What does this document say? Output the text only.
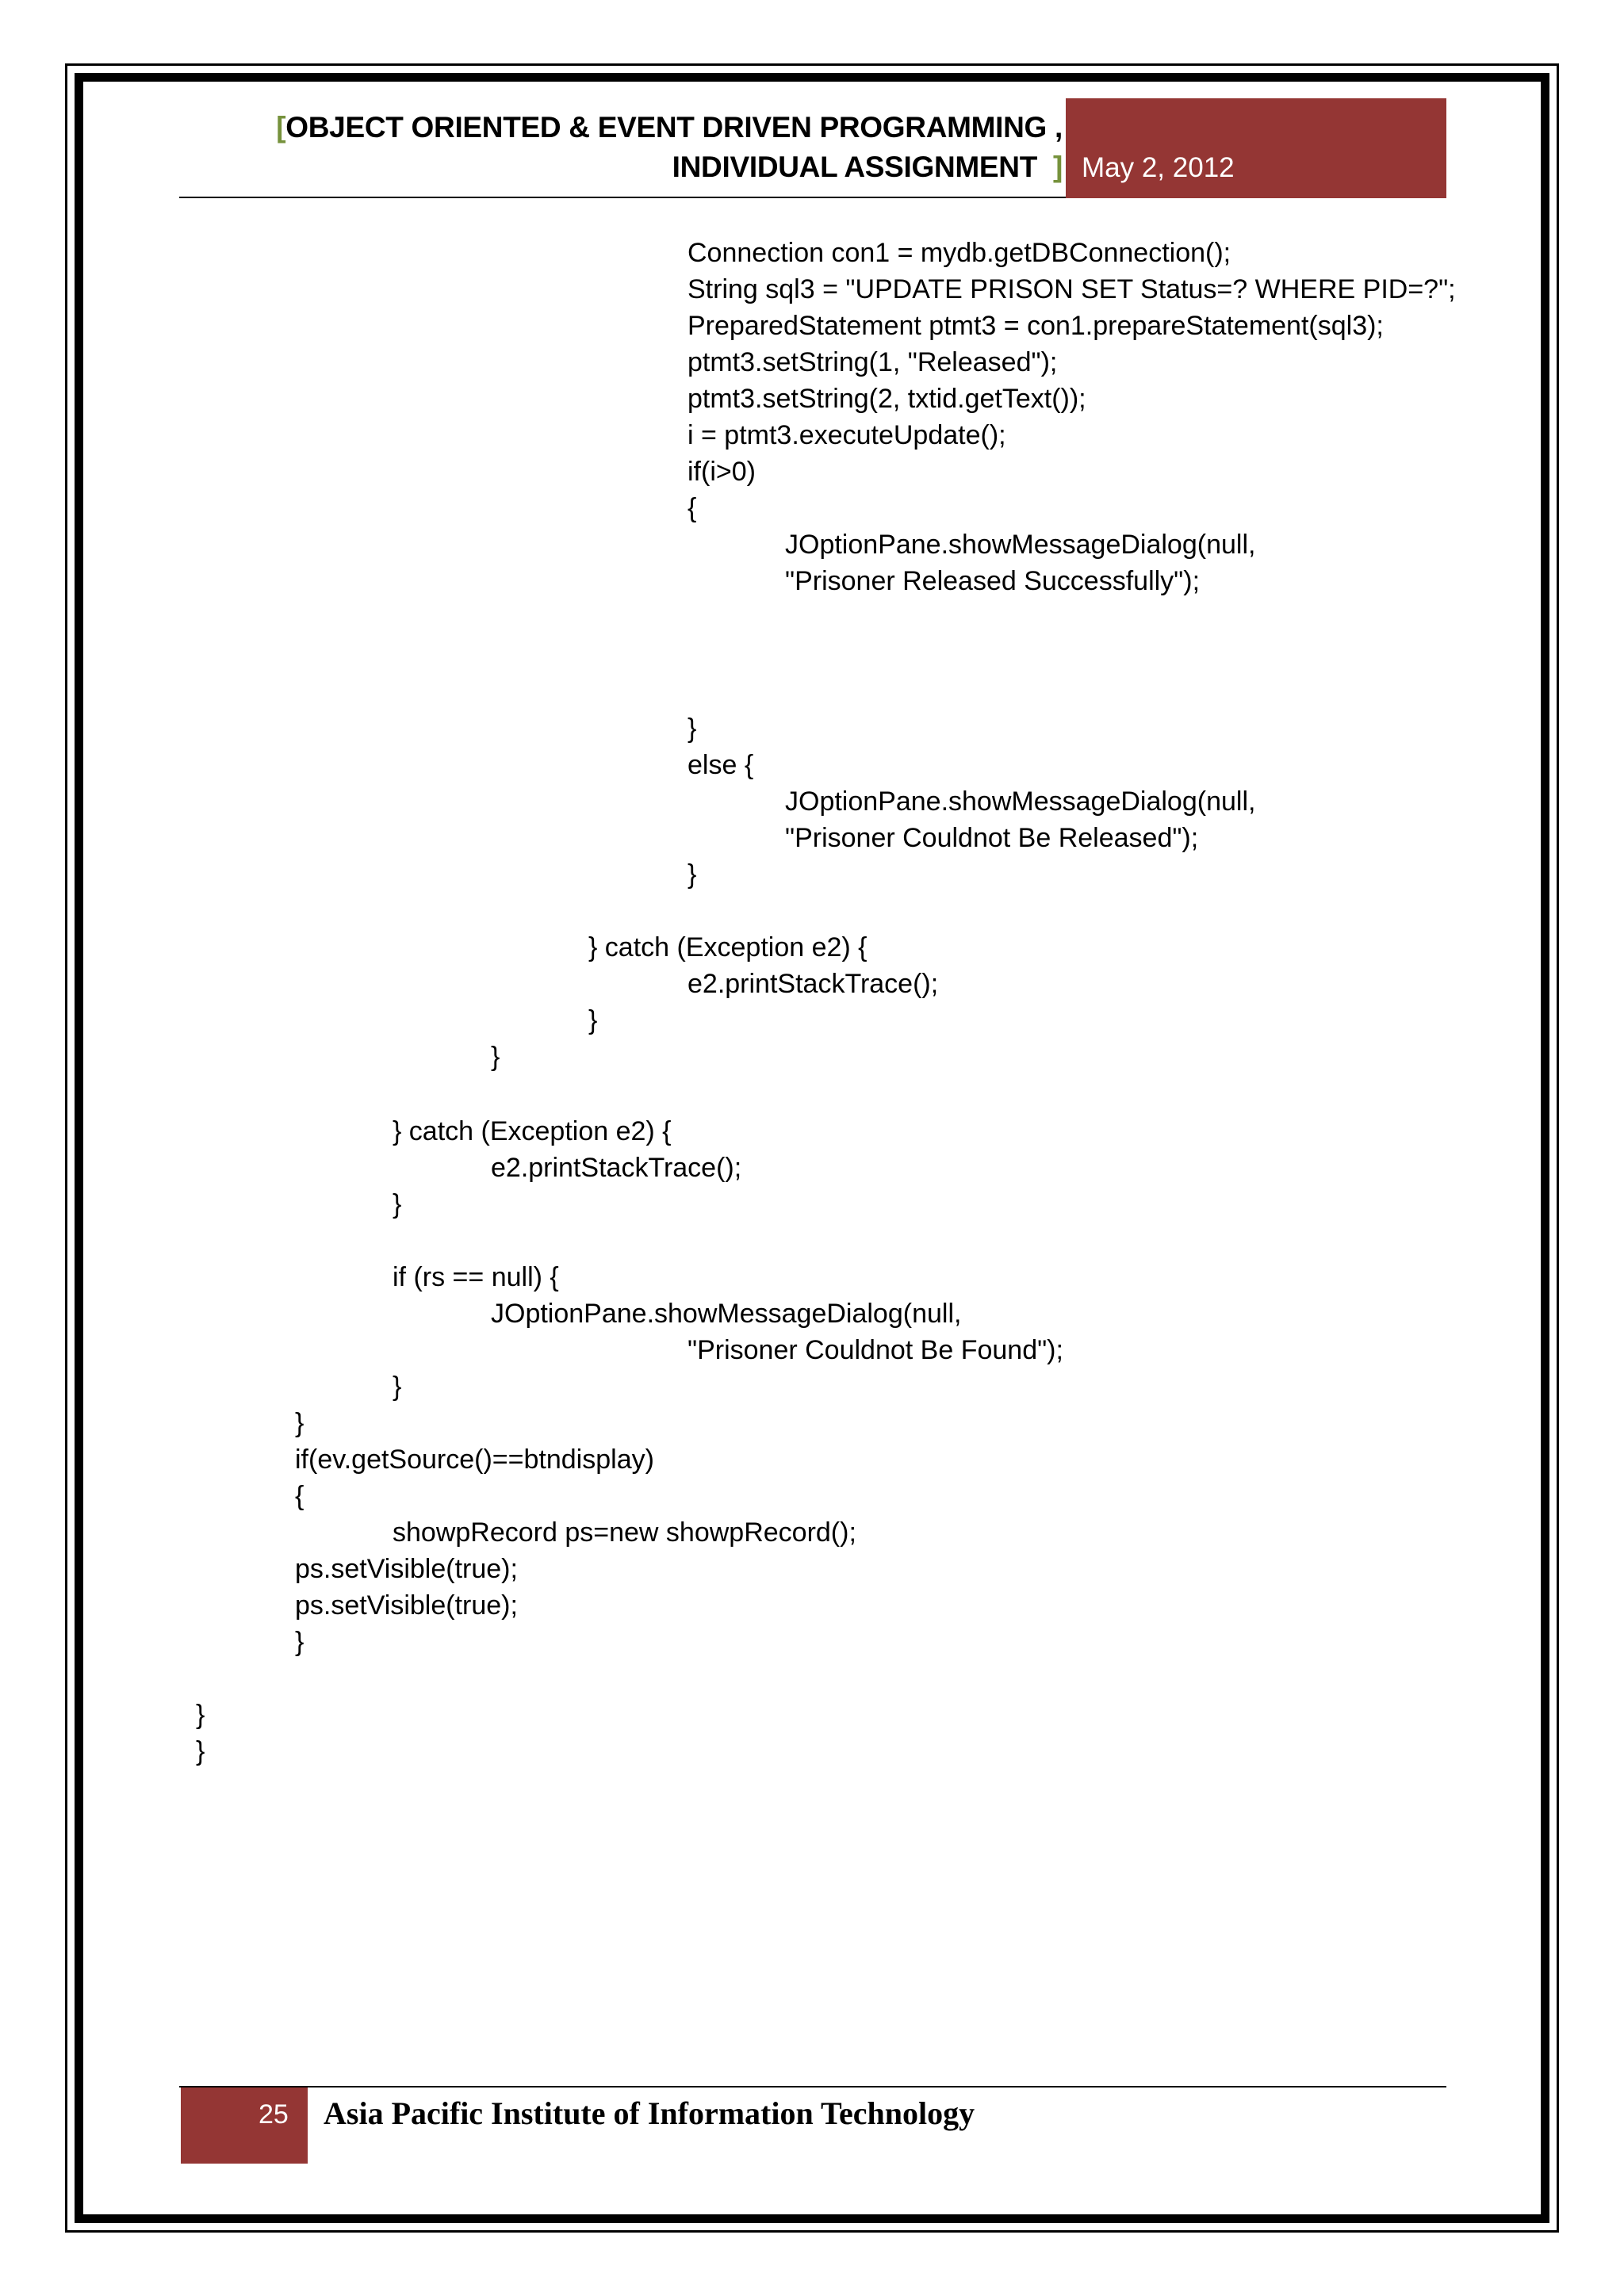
[OBJECT ORIENTED & EVENT DRIVEN PROGRAMMING ,
INDIVIDUAL ASSIGNMENT ] May 2, 2012
Connection con1 = mydb.getDBConnection();
String sql3 = "UPDATE PRISON SET Status=? WHERE PID=?";
PreparedStatement ptmt3 = con1.prepareStatement(sql3);
ptmt3.setString(1, "Released");
ptmt3.setString(2, txtid.getText());
i = ptmt3.executeUpdate();
if(i>0)
{
JOptionPane.showMessageDialog(null,
"Prisoner Released Successfully");
}
else {
JOptionPane.showMessageDialog(null,
"Prisoner Couldnot Be Released");
}
} catch (Exception e2) {
e2.printStackTrace();
}
}
} catch (Exception e2) {
e2.printStackTrace();
}
if (rs == null) {
JOptionPane.showMessageDialog(null,
"Prisoner Couldnot Be Found");
}
}
if(ev.getSource()==btndisplay)
{
showpRecord ps=new showpRecord();
ps.setVisible(true);
ps.setVisible(true);
}
}
}
25 Asia Pacific Institute of Information Technology
